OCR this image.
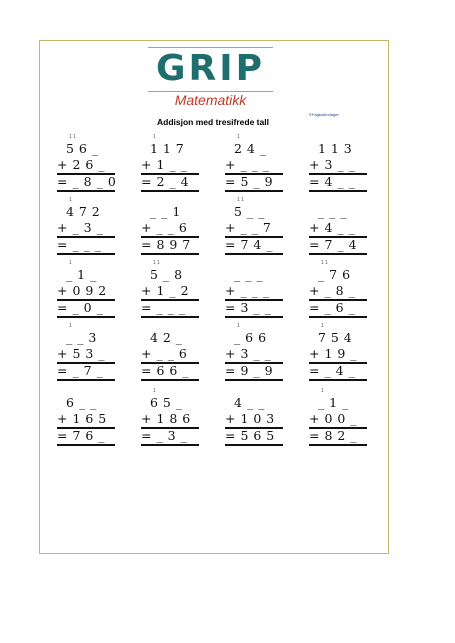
GRIP
Matematikk
©Fagbokforlaget
Addisjon med tresifrede tall
1 1
5 6 _
+ 2 6 _
= _ 8 _ 0
1
1 1 7
+ 1 _ _
= 2 _ 4
1
2 4 _
+ _ _ _
= 5 _ 9
1 1 3
+ 3 _ _
= 4 _ _
1
4 7 2
+ _ 3 _
= _ _ _
_ _ 1
+ _ _ 6
= 8 9 7
1 1
5 _ _
+ _ _ 7
= 7 4 _
_ _ _
+ 4 _ _
= 7 _ 4
1
_ 1 _
+ 0 9 2
= _ 0 _
1 1
5 _ 8
+ 1 _ 2
= _ _ _
_ _ _
+ _ _ _
= 3 _ _
1 1
_ 7 6
+ _ 8 _
= _ 6 _
1
_ _ 3
+ 5 3 _
= _ 7 _
4 2 _
+ _ _ 6
= 6 6 _
1
_ 6 6
+ 3 _ _
= 9 _ 9
1
7 5 4
+ 1 9 _
= _ 4 _
6 _ _
+ 1 6 5
= 7 6 _
1
6 5 _
+ 1 8 6
= _ 3 _
4 _ _
+ 1 0 3
= 5 6 5
1
_ 1 _
+ 0 0 _
= 8 2 _
